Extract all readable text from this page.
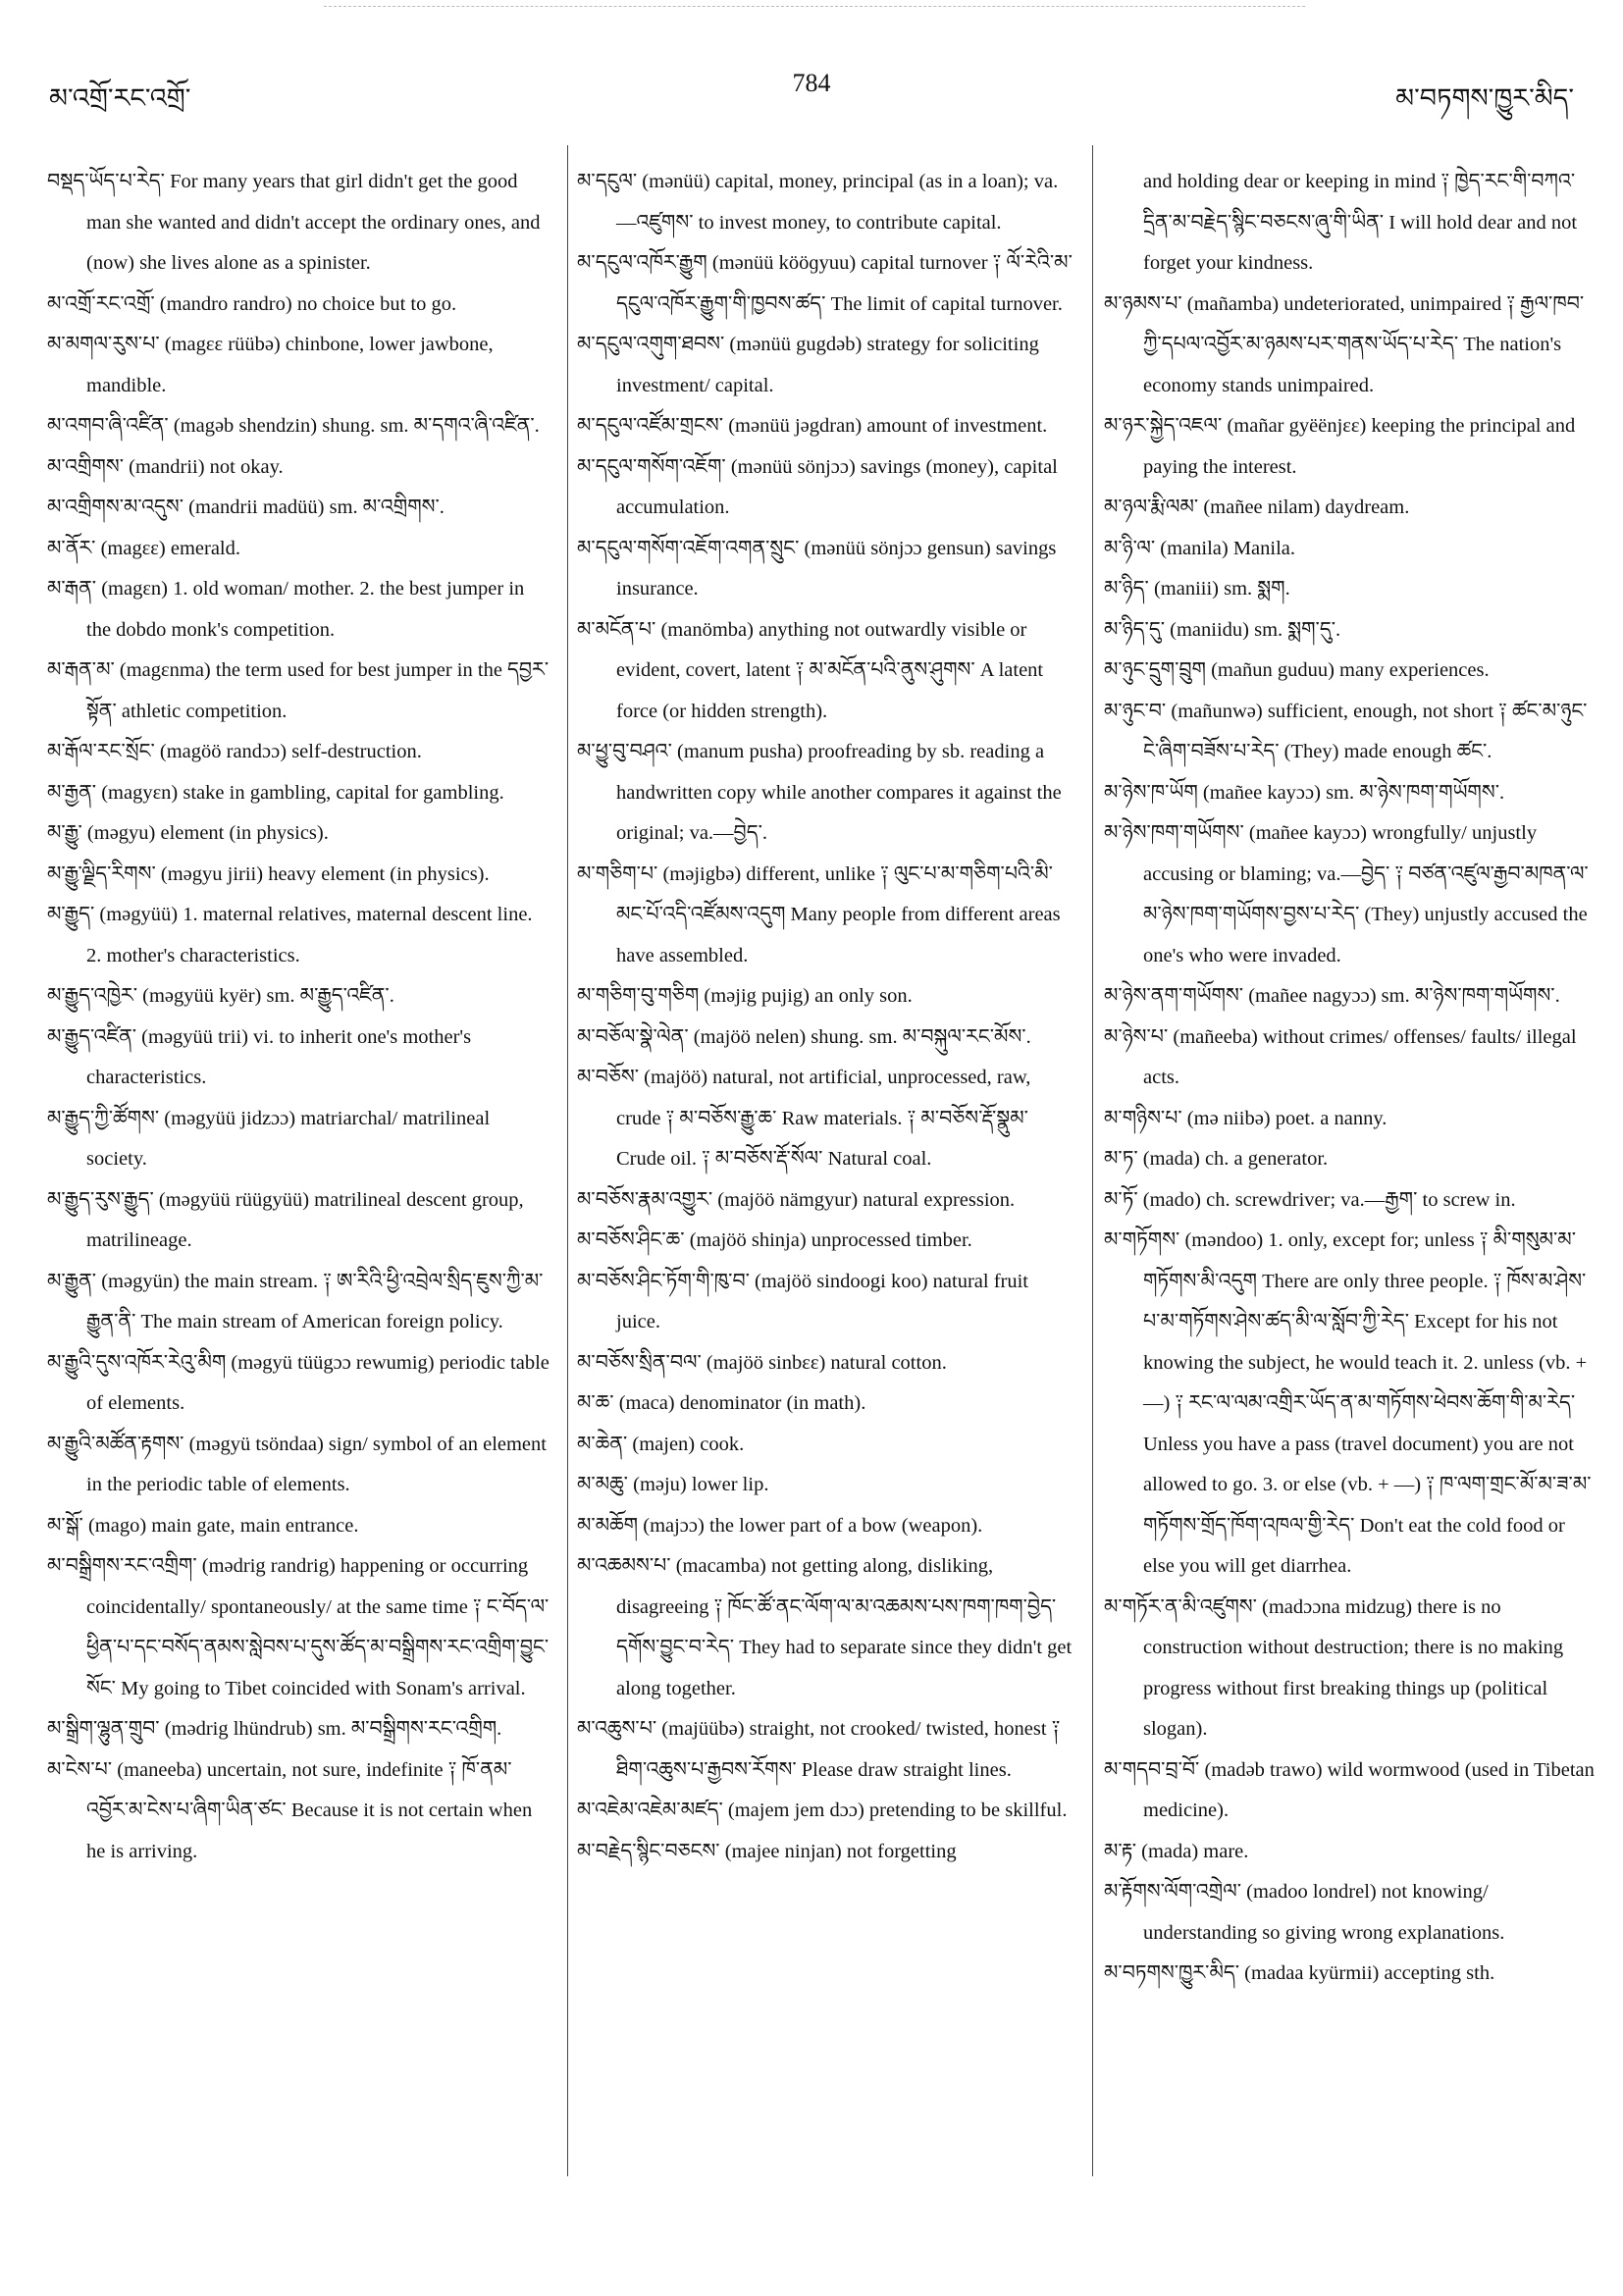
མ་འགྲོ་རང་འགྲོ་
784
མ་བཏགས་ཁྱུར་མིད་

བསྡད་ཡོད་པ་རེད་ For many years that girl didn't get the good man she wanted and didn't accept the ordinary ones, and (now) she lives alone as a spinister.

མ་འགྲོ་རང་འགྲོ་ (mandro randro) no choice but to go.

མ་མགལ་རུས་པ་ (magεε rüübə) chinbone, lower jawbone, mandible.

མ་འགབ་ཞི་འཛིན་ (magəb shendzin) shung. sm. མ་དགའ་ཞི་འཛིན་.

མ་འགྲིགས་ (mandrii) not okay.

མ་འགྲིགས་མ་འདུས་ (mandrii madüü) sm. མ་འགྲིགས་.

མ་ནོར་ (magεε) emerald.

མ་རྒན་ (magεn) 1. old woman/ mother. 2. the best jumper in the dobdo monk's competition.

མ་རྒན་མ་ (magεnma) the term used for best jumper in the དབྱར་སྟོན་ athletic competition.

མ་རྒོལ་རང་སྲོང་ (magöö randɔɔ) self-destruction.

མ་རྒྱན་ (magyεn) stake in gambling, capital for gambling.

མ་རྒྱུ་ (məgyu) element (in physics).

མ་རྒྱུ་ལྗིད་རིགས་ (məgyu jirii) heavy element (in physics).

མ་རྒྱུད་ (məgyüü) 1. maternal relatives, maternal descent line. 2. mother's characteristics.

མ་རྒྱུད་འཁྱེར་ (məgyüü kyër) sm. མ་རྒྱུད་འཛིན་.

མ་རྒྱུད་འཛིན་ (məgyüü trii) vi. to inherit one's mother's characteristics.

མ་རྒྱུད་ཀྱི་ཚོགས་ (məgyüü jidzɔɔ) matriarchal/ matrilineal society.

མ་རྒྱུད་རུས་རྒྱུད་ (məgyüü rüügyüü) matrilineal descent group, matrilineage.

མ་རྒྱུན་ (məgyün) the main stream. ༑ ཨ་རིའི་ཕྱི་འབྲེལ་སྲིད་ཇུས་ཀྱི་མ་རྒྱུན་ནི་ The main stream of American foreign policy.

མ་རྒྱུའི་དུས་འཁོར་རེའུ་མིག (məgyü tüügɔɔ rewumig) periodic table of elements.

མ་རྒྱུའི་མཚོན་རྟགས་ (məgyü tsöndaa) sign/ symbol of an element in the periodic table of elements.

མ་སྒོ་ (mago) main gate, main entrance.

མ་བསྒྲིགས་རང་འགྲིག་ (mədrig randrig) happening or occurring coincidentally/ spontaneously/ at the same time ༑ ང་བོད་ལ་ཕྱིན་པ་དང་བསོད་ནམས་སླེབས་པ་དུས་ཚོད་མ་བསྒྲིགས་རང་འགྲིག་བྱུང་སོང་ My going to Tibet coincided with Sonam's arrival.

མ་སྒྲིག་ལྷུན་གྲུབ་ (mədrig lhündrub) sm. མ་བསྒྲིགས་རང་འགྲིག.

མ་ངེས་པ་ (maneeba) uncertain, not sure, indefinite ༑ ཁོ་ནམ་འབྱོར་མ་ངེས་པ་ཞིག་ཡིན་ཙང་ Because it is not certain when he is arriving.

མ་དངུལ་ (mənüü) capital, money, principal (as in a loan); va.—འཛུགས་ to invest money, to contribute capital.

མ་དངུལ་འཁོར་རྒྱུག (mənüü kööɡyuu) capital turnover ༑ ལོ་རེའི་མ་དངུལ་འཁོར་རྒྱུག་གི་ཁྱབས་ཚད་ The limit of capital turnover.

མ་དངུལ་འགུག་ཐབས་ (mənüü gugdəb) strategy for soliciting investment/ capital.

མ་དངུལ་འཛོམ་གྲངས་ (mənüü jəgdran) amount of investment.

མ་དངུལ་གསོག་འཇོག་ (mənüü sönjɔɔ) savings (money), capital accumulation.

མ་དངུལ་གསོག་འཇོག་འགན་སྲུང་ (mənüü sönjɔɔ gensun) savings insurance.

མ་མངོན་པ་ (manömba) anything not outwardly visible or evident, covert, latent ༑ མ་མངོན་པའི་ནུས་ཤུགས་ A latent force (or hidden strength).

མ་ཕྱུ་བུ་བཤའ་ (manum pusha) proofreading by sb. reading a handwritten copy while another compares it against the original; va.—བྱེད་.

མ་གཅིག་པ་ (məjigbə) different, unlike ༑ ལུང་པ་མ་གཅིག་པའི་མི་མང་པོ་འདི་འཛོམས་འདུག Many people from different areas have assembled.

མ་གཅིག་བུ་གཅིག (məjig pujig) an only son.

མ་བཅོལ་སྣེ་ལེན་ (majöö nelen) shung. sm. མ་བསྐུལ་རང་མོས་.

མ་བཅོས་ (majöö) natural, not artificial, unprocessed, raw, crude ༑ མ་བཅོས་རྒྱུ་ཆ་ Raw materials. ༑ མ་བཅོས་རྡོ་སྣུམ་ Crude oil. ༑ མ་བཅོས་རྡོ་སོལ་ Natural coal.

མ་བཅོས་རྣམ་འགྱུར་ (majöö nämgyur) natural expression.

མ་བཅོས་ཤིང་ཆ་ (majöö shinja) unprocessed timber.

མ་བཅོས་ཤིང་ཏོག་གི་ཁུ་བ་ (majöö sindoogi koo) natural fruit juice.

མ་བཅོས་སྲིན་བལ་ (majöö sinbεε) natural cotton.

མ་ཆ་ (maca) denominator (in math).

མ་ཆེན་ (majen) cook.

མ་མཆུ་ (məju) lower lip.

མ་མཆོག (majɔɔ) the lower part of a bow (weapon).

མ་འཆམས་པ་ (macamba) not getting along, disliking, disagreeing ༑ ཁོང་ཚོ་ནང་ལོག་ལ་མ་འཆམས་པས་ཁག་ཁག་བྱེད་དགོས་བྱུང་བ་རེད་ They had to separate since they didn't get along together.

མ་འཆུས་པ་ (majüübə) straight, not crooked/ twisted, honest ༑ ཐིག་འཆུས་པ་རྒྱབས་རོགས་ Please draw straight lines.

མ་འཇེམ་འཇེམ་མཛད་ (majem jem dɔɔ) pretending to be skillful.

མ་བརྗེད་སྙིང་བཅངས་ (majee ninjan) not forgetting

and holding dear or keeping in mind ༑ ཁྱེད་རང་གི་བཀའ་དྲིན་མ་བརྗེད་སྙིང་བཅངས་ཞུ་གི་ཡིན་ I will hold dear and not forget your kindness.

མ་ཉམས་པ་ (mañamba) undeteriorated, unimpaired ༑ རྒྱལ་ཁབ་ཀྱི་དཔལ་འབྱོར་མ་ཉམས་པར་གནས་ཡོད་པ་རེད་ The nation's economy stands unimpaired.

མ་ཉར་སྐྱེད་འཇལ་ (mañar gyëënjεε) keeping the principal and paying the interest.

མ་ཉལ་རྨི་ལམ་ (mañee nilam) daydream.

མ་ཉི་ལ་ (manila) Manila.

མ་ཉིད་ (maniii) sm. སྨག.

མ་ཉིད་དུ་ (maniidu) sm. སྨག་དུ་.

མ་ཉུང་དྲུག་བྲུག (mañun guduu) many experiences.

མ་ཉུང་བ་ (mañunwə) sufficient, enough, not short ༑ ཚང་མ་ཉུང་ངེ་ཞིག་བཟོས་པ་རེད་ (They) made enough ཚང་.

མ་ཉེས་ཁ་ཡོག (mañee kayɔɔ) sm. མ་ཉེས་ཁག་གཡོགས་.

མ་ཉེས་ཁག་གཡོགས་ (mañee kayɔɔ) wrongfully/ unjustly accusing or blaming; va.—བྱེད་ ༑ བཙན་འཛུལ་རྒྱབ་མཁན་ལ་མ་ཉེས་ཁག་གཡོགས་བྱས་པ་རེད་ (They) unjustly accused the one's who were invaded.

མ་ཉེས་ནག་གཡོགས་ (mañee nagyɔɔ) sm. མ་ཉེས་ཁག་གཡོགས་.

མ་ཉེས་པ་ (mañeeba) without crimes/ offenses/ faults/ illegal acts.

མ་གཉིས་པ་ (mə niibə) poet. a nanny.

མ་ཏ་ (mada) ch. a generator.

མ་ཏོ་ (mado) ch. screwdriver; va.—རྒྱག་ to screw in.

མ་གཏོགས་ (məndoo) 1. only, except for; unless ༑ མི་གསུམ་མ་གཏོགས་མི་འདུག There are only three people. ༑ ཁོས་མ་ཤེས་པ་མ་གཏོགས་ཤེས་ཚད་མི་ལ་སློབ་ཀྱི་རེད་ Except for his not knowing the subject, he would teach it. 2. unless (vb. + —) ༑ རང་ལ་ལམ་འགྲིར་ཡོད་ན་མ་གཏོགས་ཕེབས་ཆོག་གི་མ་རེད་ Unless you have a pass (travel document) you are not allowed to go. 3. or else (vb. + —) ༑ ཁ་ལག་གྲང་མོ་མ་ཟ་མ་གཏོགས་གྲོད་ཁོག་འཁལ་གྱི་རེད་ Don't eat the cold food or else you will get diarrhea.

མ་གཏོར་ན་མི་འཛུགས་ (madɔɔna midzug) there is no construction without destruction; there is no making progress without first breaking things up (political slogan).

མ་གདབ་བྲ་བོ་ (madəb trawo) wild wormwood (used in Tibetan medicine).

མ་རྟ་ (mada) mare.

མ་རྟོགས་ལོག་འགྲེལ་ (madoo londrel) not knowing/ understanding so giving wrong explanations.

མ་བཏགས་ཁྱུར་མིད་ (madaa kyürmii) accepting sth.
